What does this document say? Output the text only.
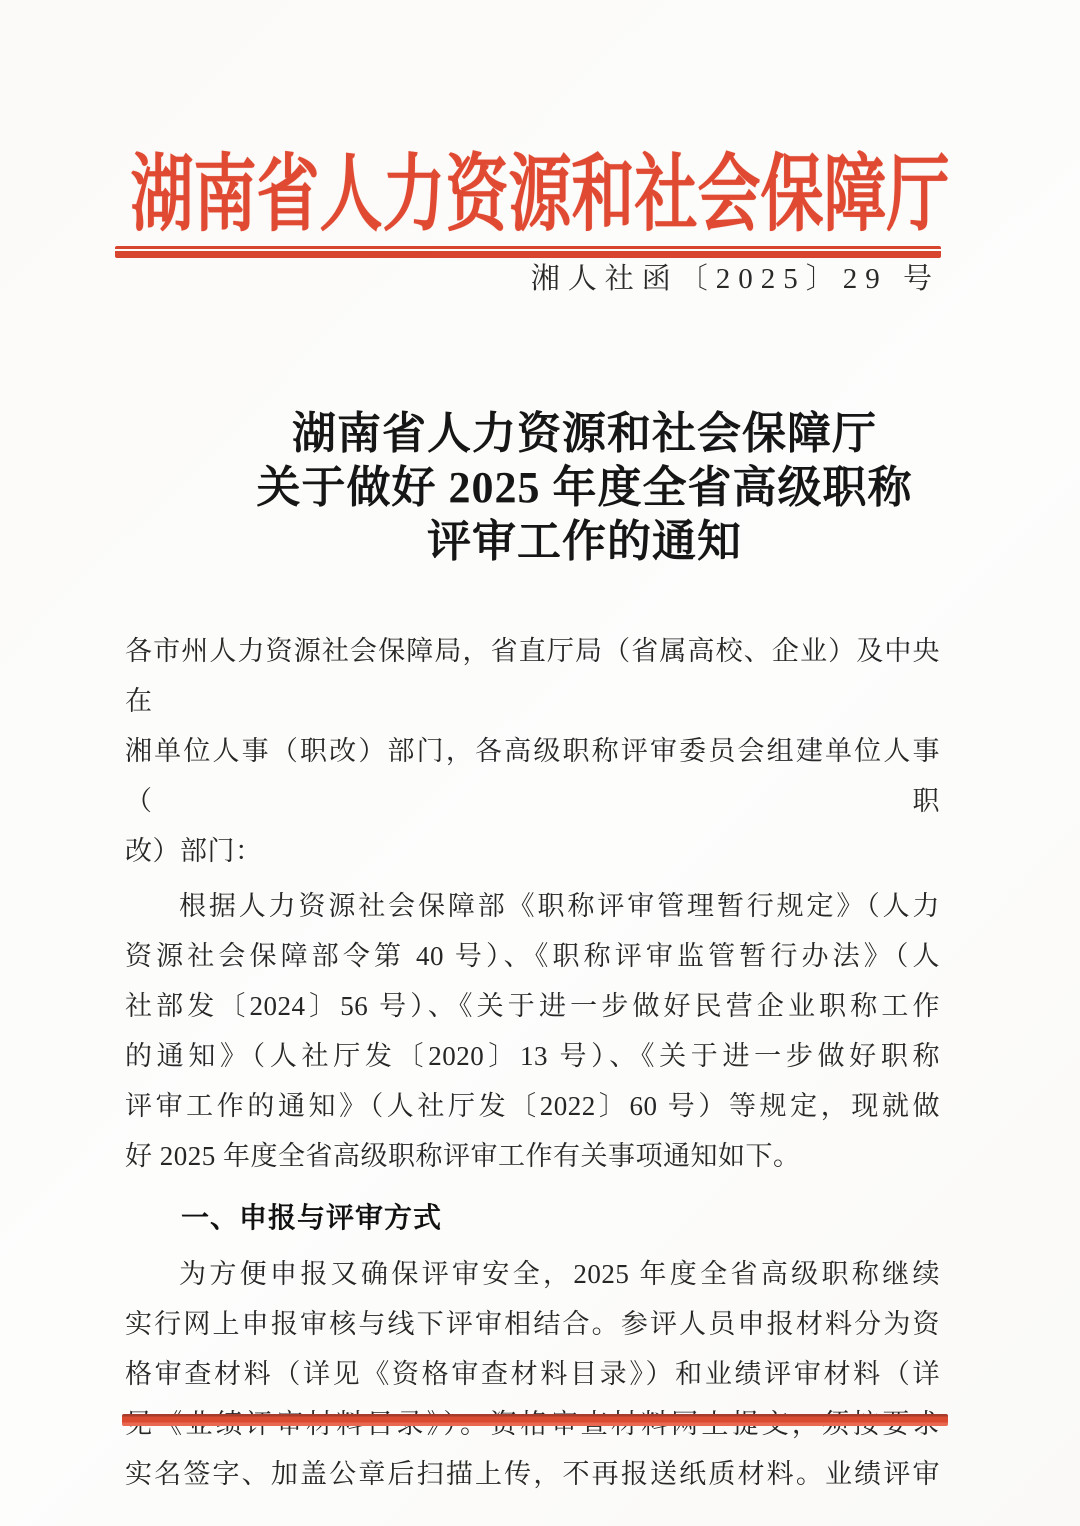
湖南省人力资源和社会保障厅
湘人社函〔2025〕29 号
湖南省人力资源和社会保障厅
关于做好 2025 年度全省高级职称
评审工作的通知
各市州人力资源社会保障局，省直厅局（省属高校、企业）及中央在
湘单位人事（职改）部门，各高级职称评审委员会组建单位人事（职
改）部门：
根据人力资源社会保障部《职称评审管理暂行规定》（人力
资源社会保障部令第 40 号）、《职称评审监管暂行办法》（人
社部发〔2024〕56 号）、《关于进一步做好民营企业职称工作
的通知》（人社厅发〔2020〕13 号）、《关于进一步做好职称
评审工作的通知》（人社厅发〔2022〕60 号）等规定，现就做
好 2025 年度全省高级职称评审工作有关事项通知如下。
一、申报与评审方式
为方便申报又确保评审安全，2025 年度全省高级职称继续
实行网上申报审核与线下评审相结合。参评人员申报材料分为资
格审查材料（详见《资格审查材料目录》）和业绩评审材料（详
实名签字、加盖公章后扫描上传，不再报送纸质材料。业绩评审
